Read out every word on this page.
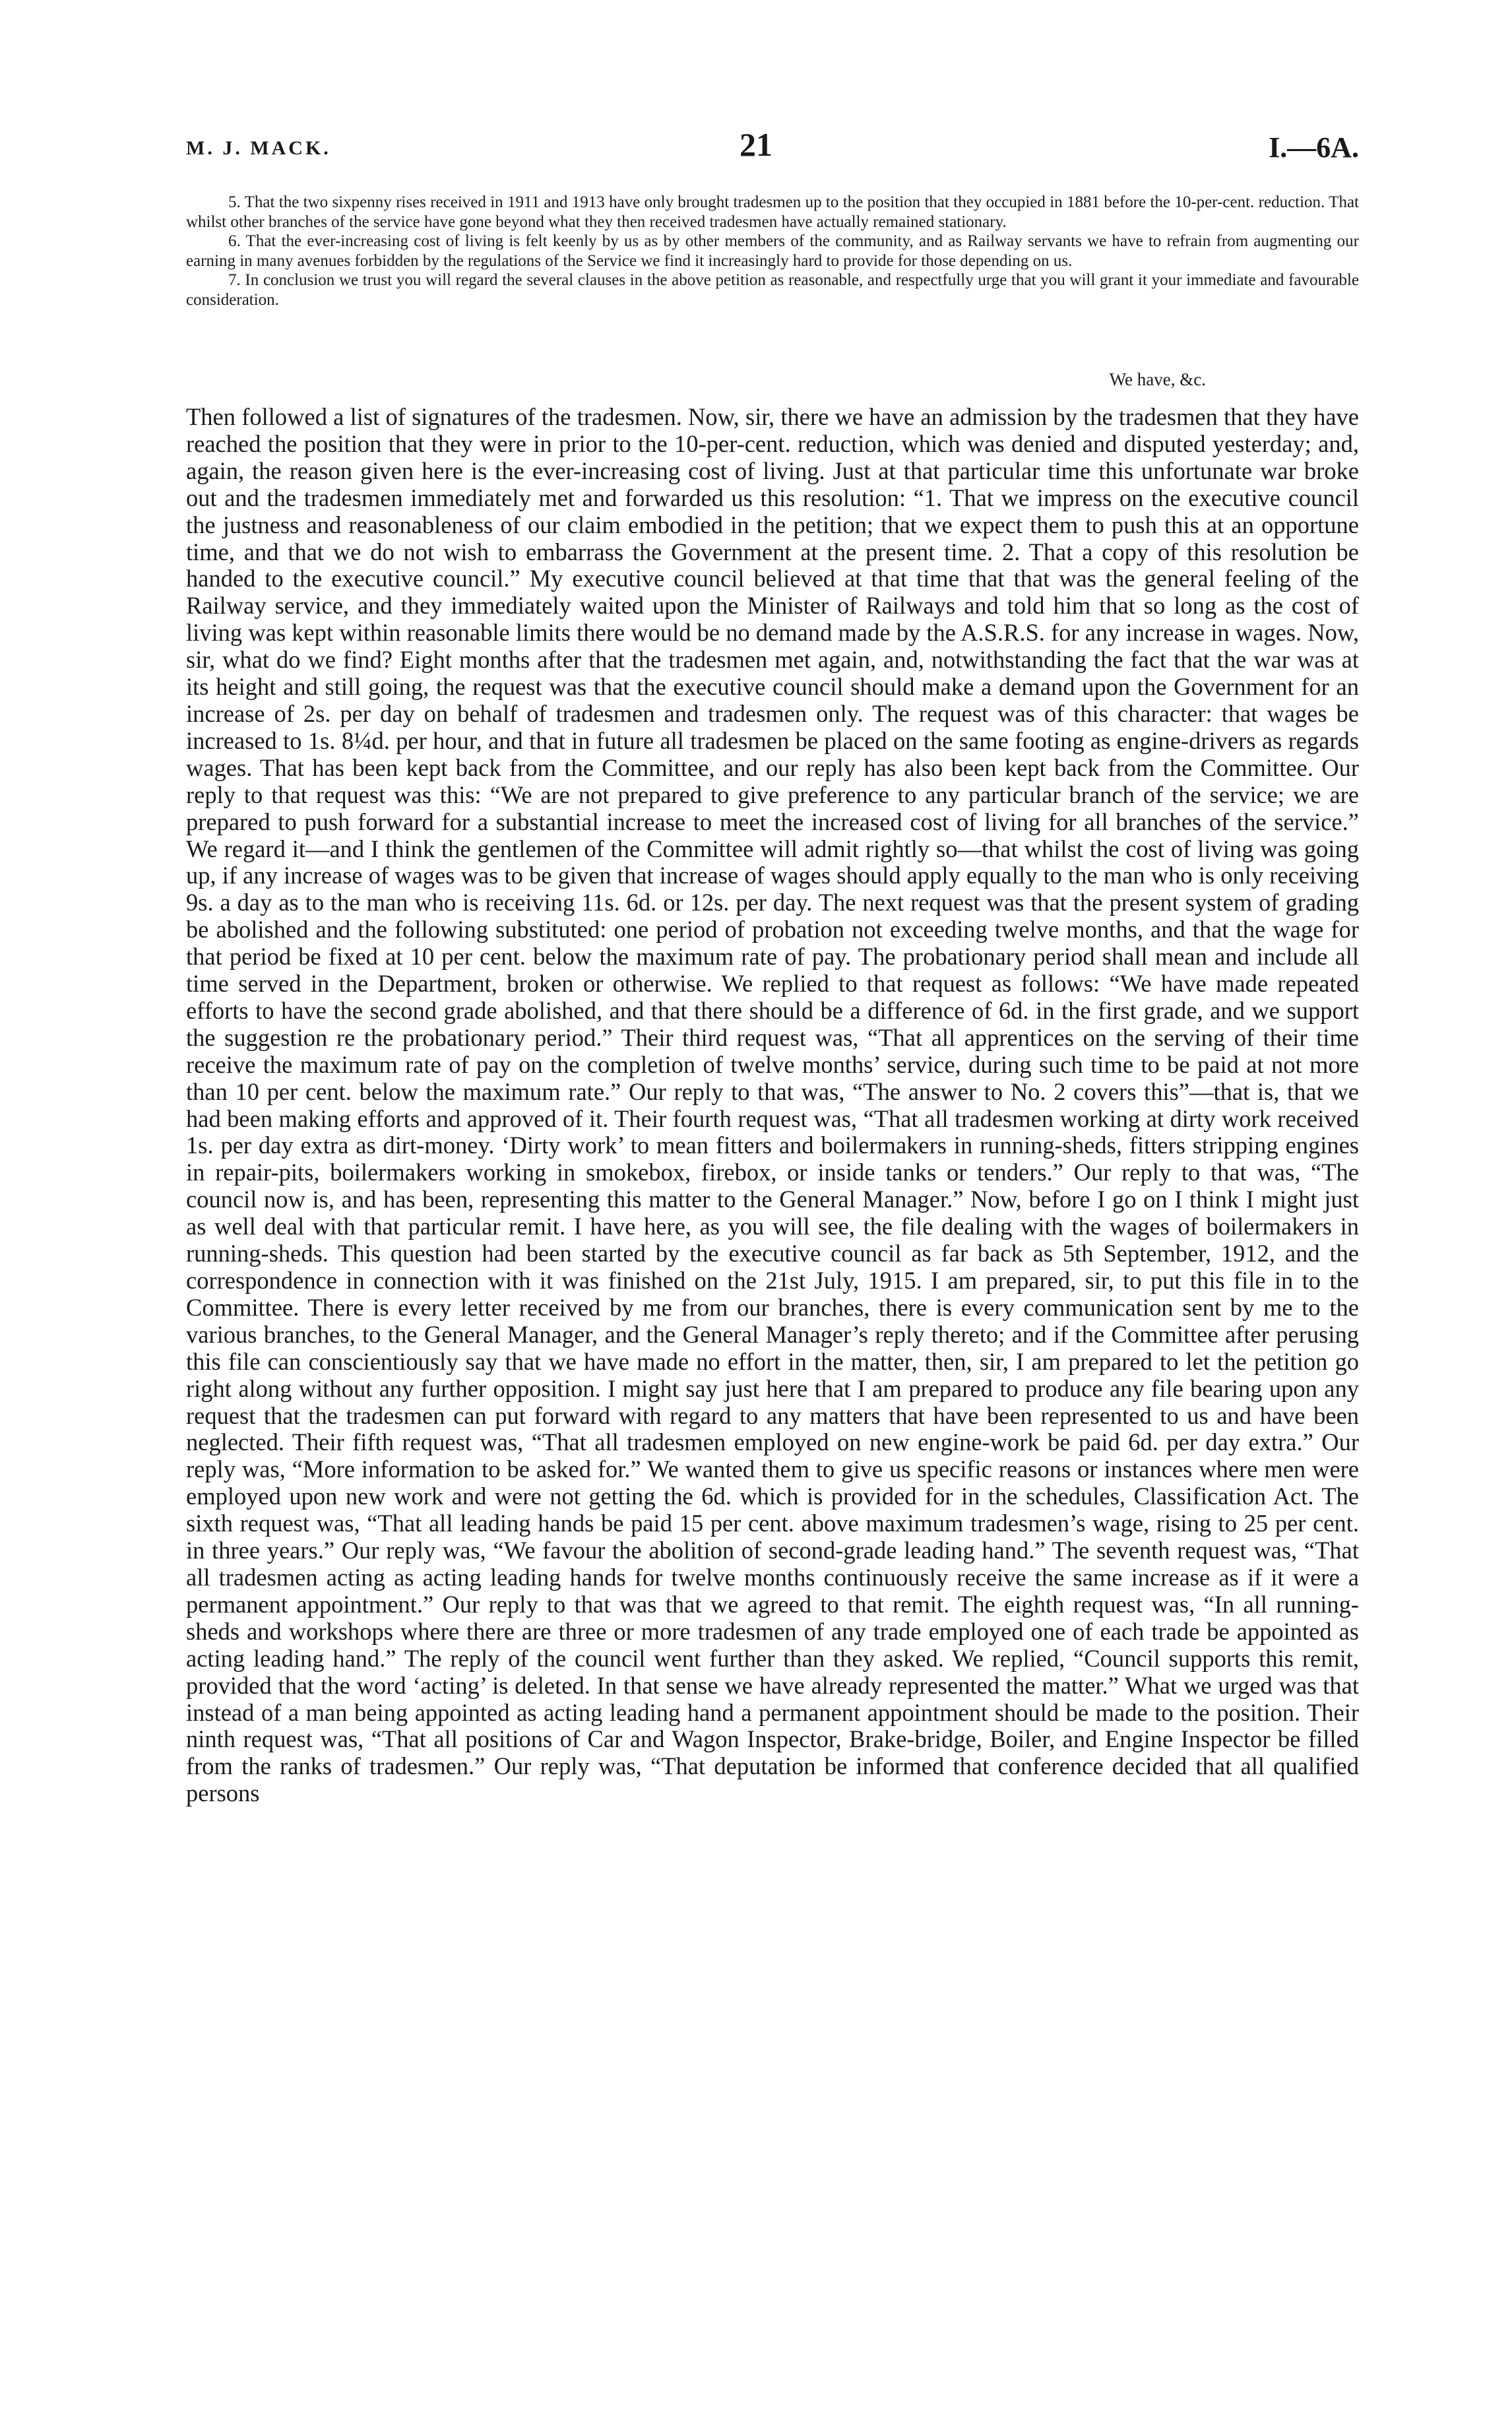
M. J. MACK.	21	I.—6A.

5. That the two sixpenny rises received in 1911 and 1913 have only brought tradesmen up to the position that they occupied in 1881 before the 10-per-cent. reduction. That whilst other branches of the service have gone beyond what they then received tradesmen have actually remained stationary.

6. That the ever-increasing cost of living is felt keenly by us as by other members of the community, and as Railway servants we have to refrain from augmenting our earning in many avenues forbidden by the regulations of the Service we find it increasingly hard to provide for those depending on us.

7. In conclusion we trust you will regard the several clauses in the above petition as reasonable, and respectfully urge that you will grant it your immediate and favourable consideration.

We have, &c.

Then followed a list of signatures of the tradesmen. Now, sir, there we have an admission by the tradesmen that they have reached the position that they were in prior to the 10-per-cent. reduction, which was denied and disputed yesterday; and, again, the reason given here is the ever-increasing cost of living. Just at that particular time this unfortunate war broke out and the tradesmen immediately met and forwarded us this resolution: “1. That we impress on the executive council the justness and reasonableness of our claim embodied in the petition; that we expect them to push this at an opportune time, and that we do not wish to embarrass the Government at the present time. 2. That a copy of this resolution be handed to the executive council.” My executive council believed at that time that that was the general feeling of the Railway service, and they immediately waited upon the Minister of Railways and told him that so long as the cost of living was kept within reasonable limits there would be no demand made by the A.S.R.S. for any increase in wages. Now, sir, what do we find? Eight months after that the tradesmen met again, and, notwithstanding the fact that the war was at its height and still going, the request was that the executive council should make a demand upon the Government for an increase of 2s. per day on behalf of tradesmen and tradesmen only. The request was of this character: that wages be increased to 1s. 8¼d. per hour, and that in future all tradesmen be placed on the same footing as engine-drivers as regards wages. That has been kept back from the Committee, and our reply has also been kept back from the Committee. Our reply to that request was this: “We are not prepared to give preference to any particular branch of the service; we are prepared to push forward for a substantial increase to meet the increased cost of living for all branches of the service.” We regard it—and I think the gentlemen of the Committee will admit rightly so—that whilst the cost of living was going up, if any increase of wages was to be given that increase of wages should apply equally to the man who is only receiving 9s. a day as to the man who is receiving 11s. 6d. or 12s. per day. The next request was that the present system of grading be abolished and the following substituted: one period of probation not exceeding twelve months, and that the wage for that period be fixed at 10 per cent. below the maximum rate of pay. The probationary period shall mean and include all time served in the Department, broken or otherwise. We replied to that request as follows: “We have made repeated efforts to have the second grade abolished, and that there should be a difference of 6d. in the first grade, and we support the suggestion re the probationary period.” Their third request was, “That all apprentices on the serving of their time receive the maximum rate of pay on the completion of twelve months’ service, during such time to be paid at not more than 10 per cent. below the maximum rate.” Our reply to that was, “The answer to No. 2 covers this”—that is, that we had been making efforts and approved of it. Their fourth request was, “That all tradesmen working at dirty work received 1s. per day extra as dirt-money. ‘Dirty work’ to mean fitters and boilermakers in running-sheds, fitters stripping engines in repair-pits, boilermakers working in smokebox, firebox, or inside tanks or tenders.” Our reply to that was, “The council now is, and has been, representing this matter to the General Manager.” Now, before I go on I think I might just as well deal with that particular remit. I have here, as you will see, the file dealing with the wages of boilermakers in running-sheds. This question had been started by the executive council as far back as 5th September, 1912, and the correspondence in connection with it was finished on the 21st July, 1915. I am prepared, sir, to put this file in to the Committee. There is every letter received by me from our branches, there is every communication sent by me to the various branches, to the General Manager, and the General Manager’s reply thereto; and if the Committee after perusing this file can conscientiously say that we have made no effort in the matter, then, sir, I am prepared to let the petition go right along without any further opposition. I might say just here that I am prepared to produce any file bearing upon any request that the tradesmen can put forward with regard to any matters that have been represented to us and have been neglected. Their fifth request was, “That all tradesmen employed on new engine-work be paid 6d. per day extra.” Our reply was, “More information to be asked for.” We wanted them to give us specific reasons or instances where men were employed upon new work and were not getting the 6d. which is provided for in the schedules, Classification Act. The sixth request was, “That all leading hands be paid 15 per cent. above maximum tradesmen’s wage, rising to 25 per cent. in three years.” Our reply was, “We favour the abolition of second-grade leading hand.” The seventh request was, “That all tradesmen acting as acting leading hands for twelve months continuously receive the same increase as if it were a permanent appointment.” Our reply to that was that we agreed to that remit. The eighth request was, “In all running-sheds and workshops where there are three or more tradesmen of any trade employed one of each trade be appointed as acting leading hand.” The reply of the council went further than they asked. We replied, “Council supports this remit, provided that the word ‘acting’ is deleted. In that sense we have already represented the matter.” What we urged was that instead of a man being appointed as acting leading hand a permanent appointment should be made to the position. Their ninth request was, “That all positions of Car and Wagon Inspector, Brake-bridge, Boiler, and Engine Inspector be filled from the ranks of tradesmen.” Our reply was, “That deputation be informed that conference decided that all qualified persons
